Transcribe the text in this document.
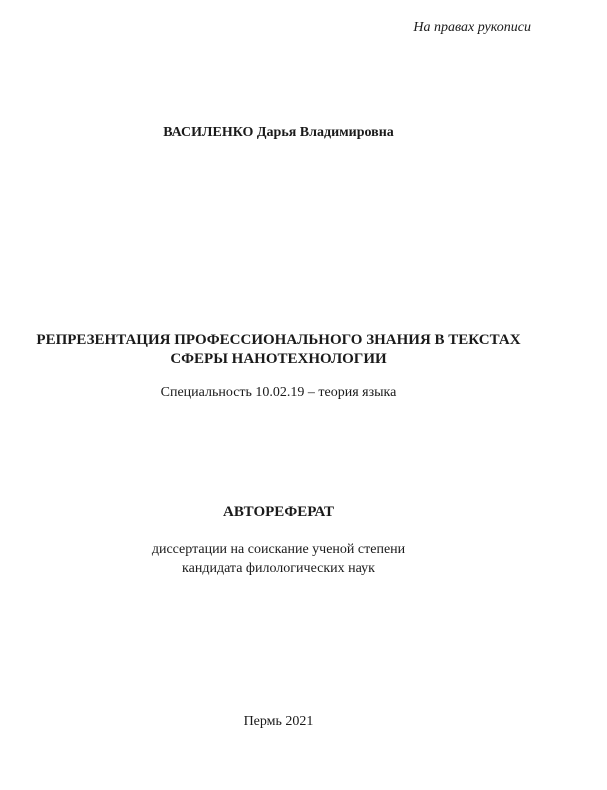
На правах рукописи
ВАСИЛЕНКО Дарья Владимировна
РЕПРЕЗЕНТАЦИЯ ПРОФЕССИОНАЛЬНОГО ЗНАНИЯ В ТЕКСТАХ
СФЕРЫ НАНОТЕХНОЛОГИИ
Специальность 10.02.19 – теория языка
АВТОРЕФЕРАТ
диссертации на соискание ученой степени
кандидата филологических наук
Пермь 2021
